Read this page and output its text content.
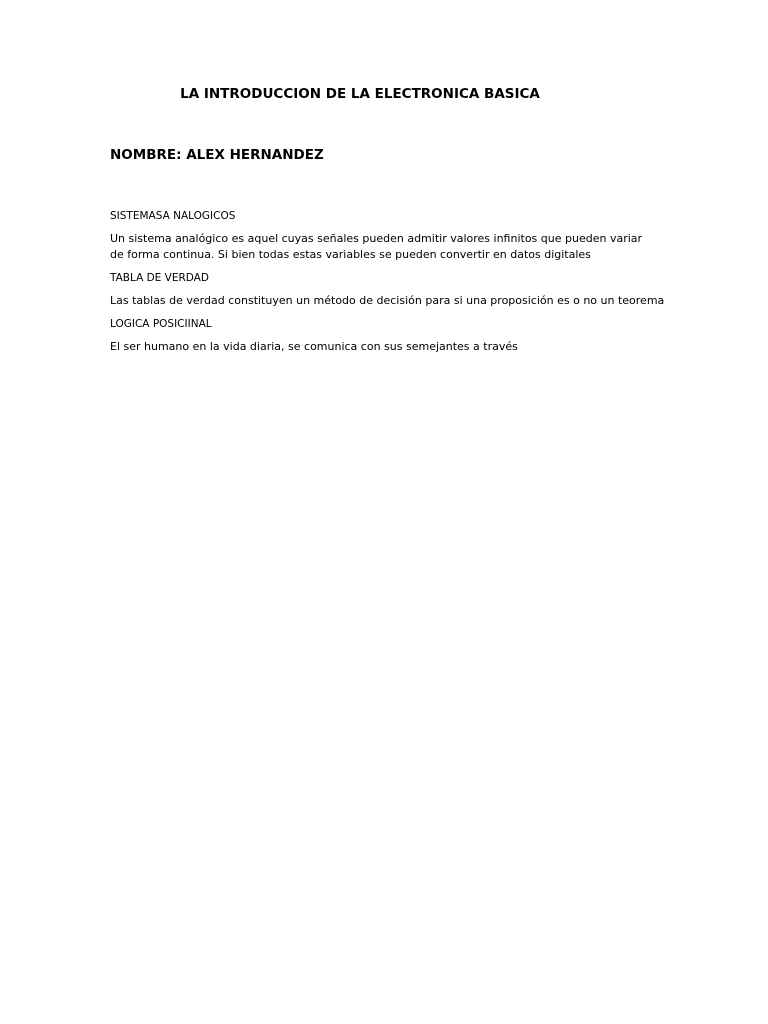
LA INTRODUCCION DE LA ELECTRONICA BASICA
NOMBRE: ALEX HERNANDEZ
SISTEMASA NALOGICOS
Un sistema analógico es aquel cuyas señales pueden admitir valores infinitos que pueden variar de forma continua. Si bien todas estas variables se pueden convertir en datos digitales
TABLA DE VERDAD
Las tablas de verdad constituyen un método de decisión para si una proposición es o no un teorema
LOGICA POSICIINAL
El ser humano en la vida diaria, se comunica con sus semejantes a través
